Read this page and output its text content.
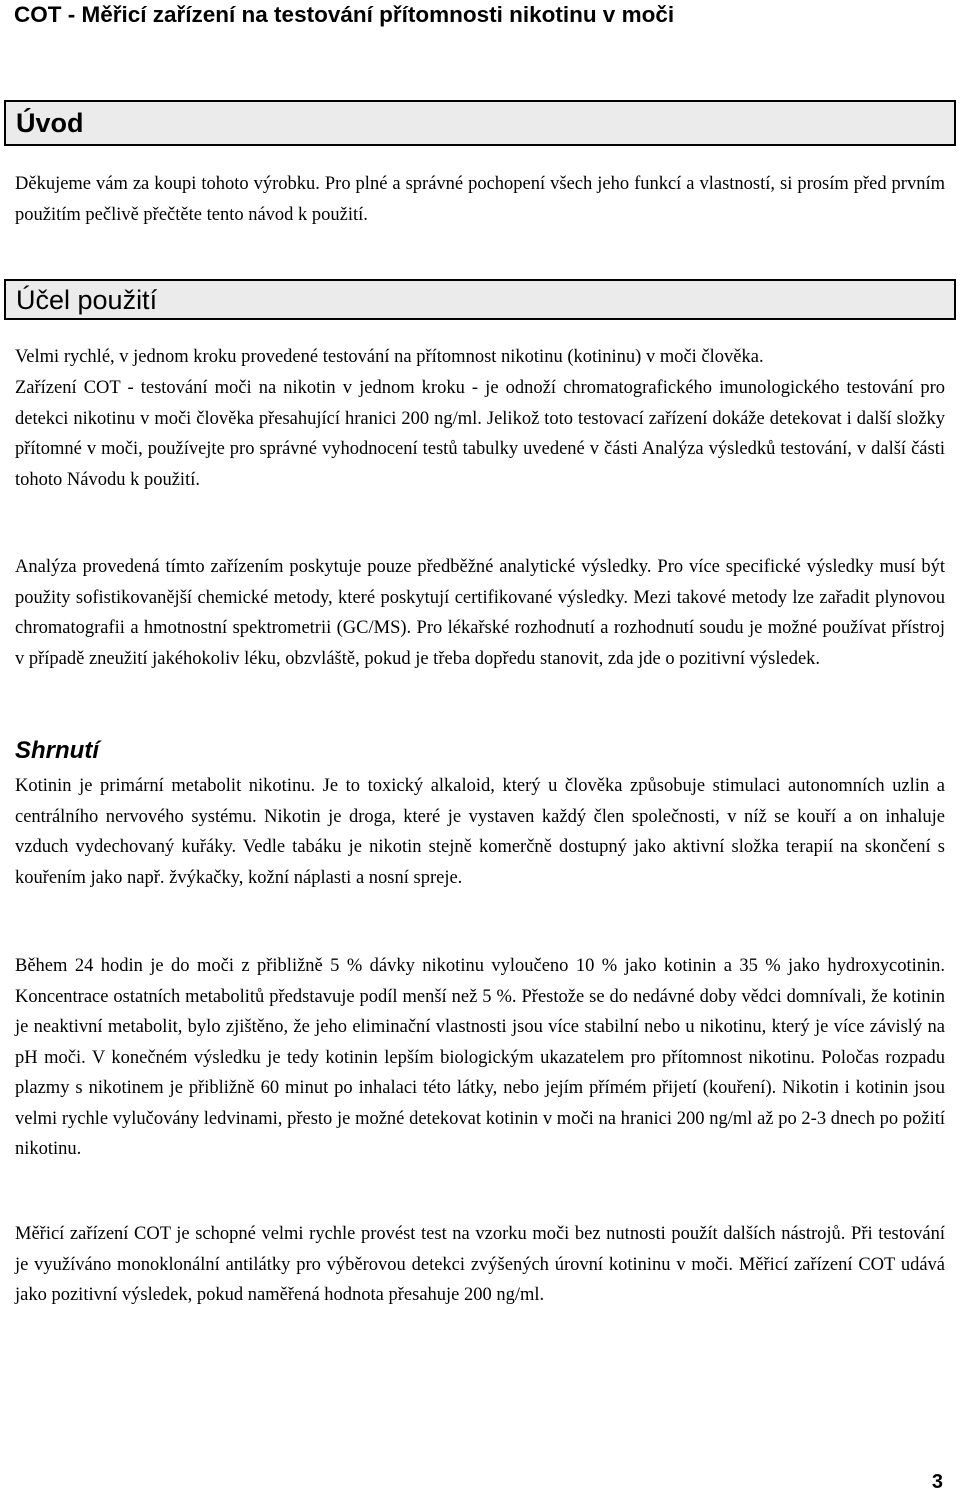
COT - Měřicí zařízení na testování přítomnosti nikotinu v moči
Úvod

Děkujeme vám za koupi tohoto výrobku. Pro plné a správné pochopení všech jeho funkcí a vlastností, si prosím před prvním použitím pečlivě přečtěte tento návod k použití.

Účel použití

Velmi rychlé, v jednom kroku provedené testování na přítomnost nikotinu (kotininu) v moči člověka.

Zařízení COT - testování moči na nikotin v jednom kroku - je odnoží chromatografického imunologického testování pro detekci nikotinu v moči člověka přesahující hranici 200 ng/ml. Jelikož toto testovací zařízení dokáže detekovat i další složky přítomné v moči, používejte pro správné vyhodnocení testů tabulky uvedené v části Analýza výsledků testování, v další části tohoto Návodu k použití.

Analýza provedená tímto zařízením poskytuje pouze předběžné analytické výsledky. Pro více specifické výsledky musí být použity sofistikovanější chemické metody, které poskytují certifikované výsledky. Mezi takové metody lze zařadit plynovou chromatografii a hmotnostní spektrometrii (GC/MS). Pro lékařské rozhodnutí a rozhodnutí soudu je možné používat přístroj v případě zneužití jakéhokoliv léku, obzvláště, pokud je třeba dopředu stanovit, zda jde o pozitivní výsledek.

Shrnutí

Kotinin je primární metabolit nikotinu. Je to toxický alkaloid, který u člověka způsobuje stimulaci autonomních uzlin a centrálního nervového systému. Nikotin je droga, které je vystaven každý člen společnosti, v níž se kouří a on inhaluje vzduch vydechovaný kuřáky. Vedle tabáku je nikotin stejně komerčně dostupný jako aktivní složka terapií na skončení s kouřením jako např. žvýkačky, kožní náplasti a nosní spreje.

Během 24 hodin je do moči z přibližně 5 % dávky nikotinu vyloučeno 10 % jako kotinin a 35 % jako hydroxycotinin. Koncentrace ostatních metabolitů představuje podíl menší než 5 %. Přestože se do nedávné doby vědci domnívali, že kotinin je neaktivní metabolit, bylo zjištěno, že jeho eliminační vlastnosti jsou více stabilní nebo u nikotinu, který je více závislý na pH moči. V konečném výsledku je tedy kotinin lepším biologickým ukazatelem pro přítomnost nikotinu. Poločas rozpadu plazmy s nikotinem je přibližně 60 minut po inhalaci této látky, nebo jejím přímém přijetí (kouření). Nikotin i kotinin jsou velmi rychle vylučovány ledvinami, přesto je možné detekovat kotinin v moči na hranici 200 ng/ml až po 2-3 dnech po požití nikotinu.

Měřicí zařízení COT je schopné velmi rychle provést test na vzorku moči bez nutnosti použít dalších nástrojů. Při testování je využíváno monoklonální antilátky pro výběrovou detekci zvýšených úrovní kotininu v moči. Měřicí zařízení COT udává jako pozitivní výsledek, pokud naměřená hodnota přesahuje 200 ng/ml.

3
